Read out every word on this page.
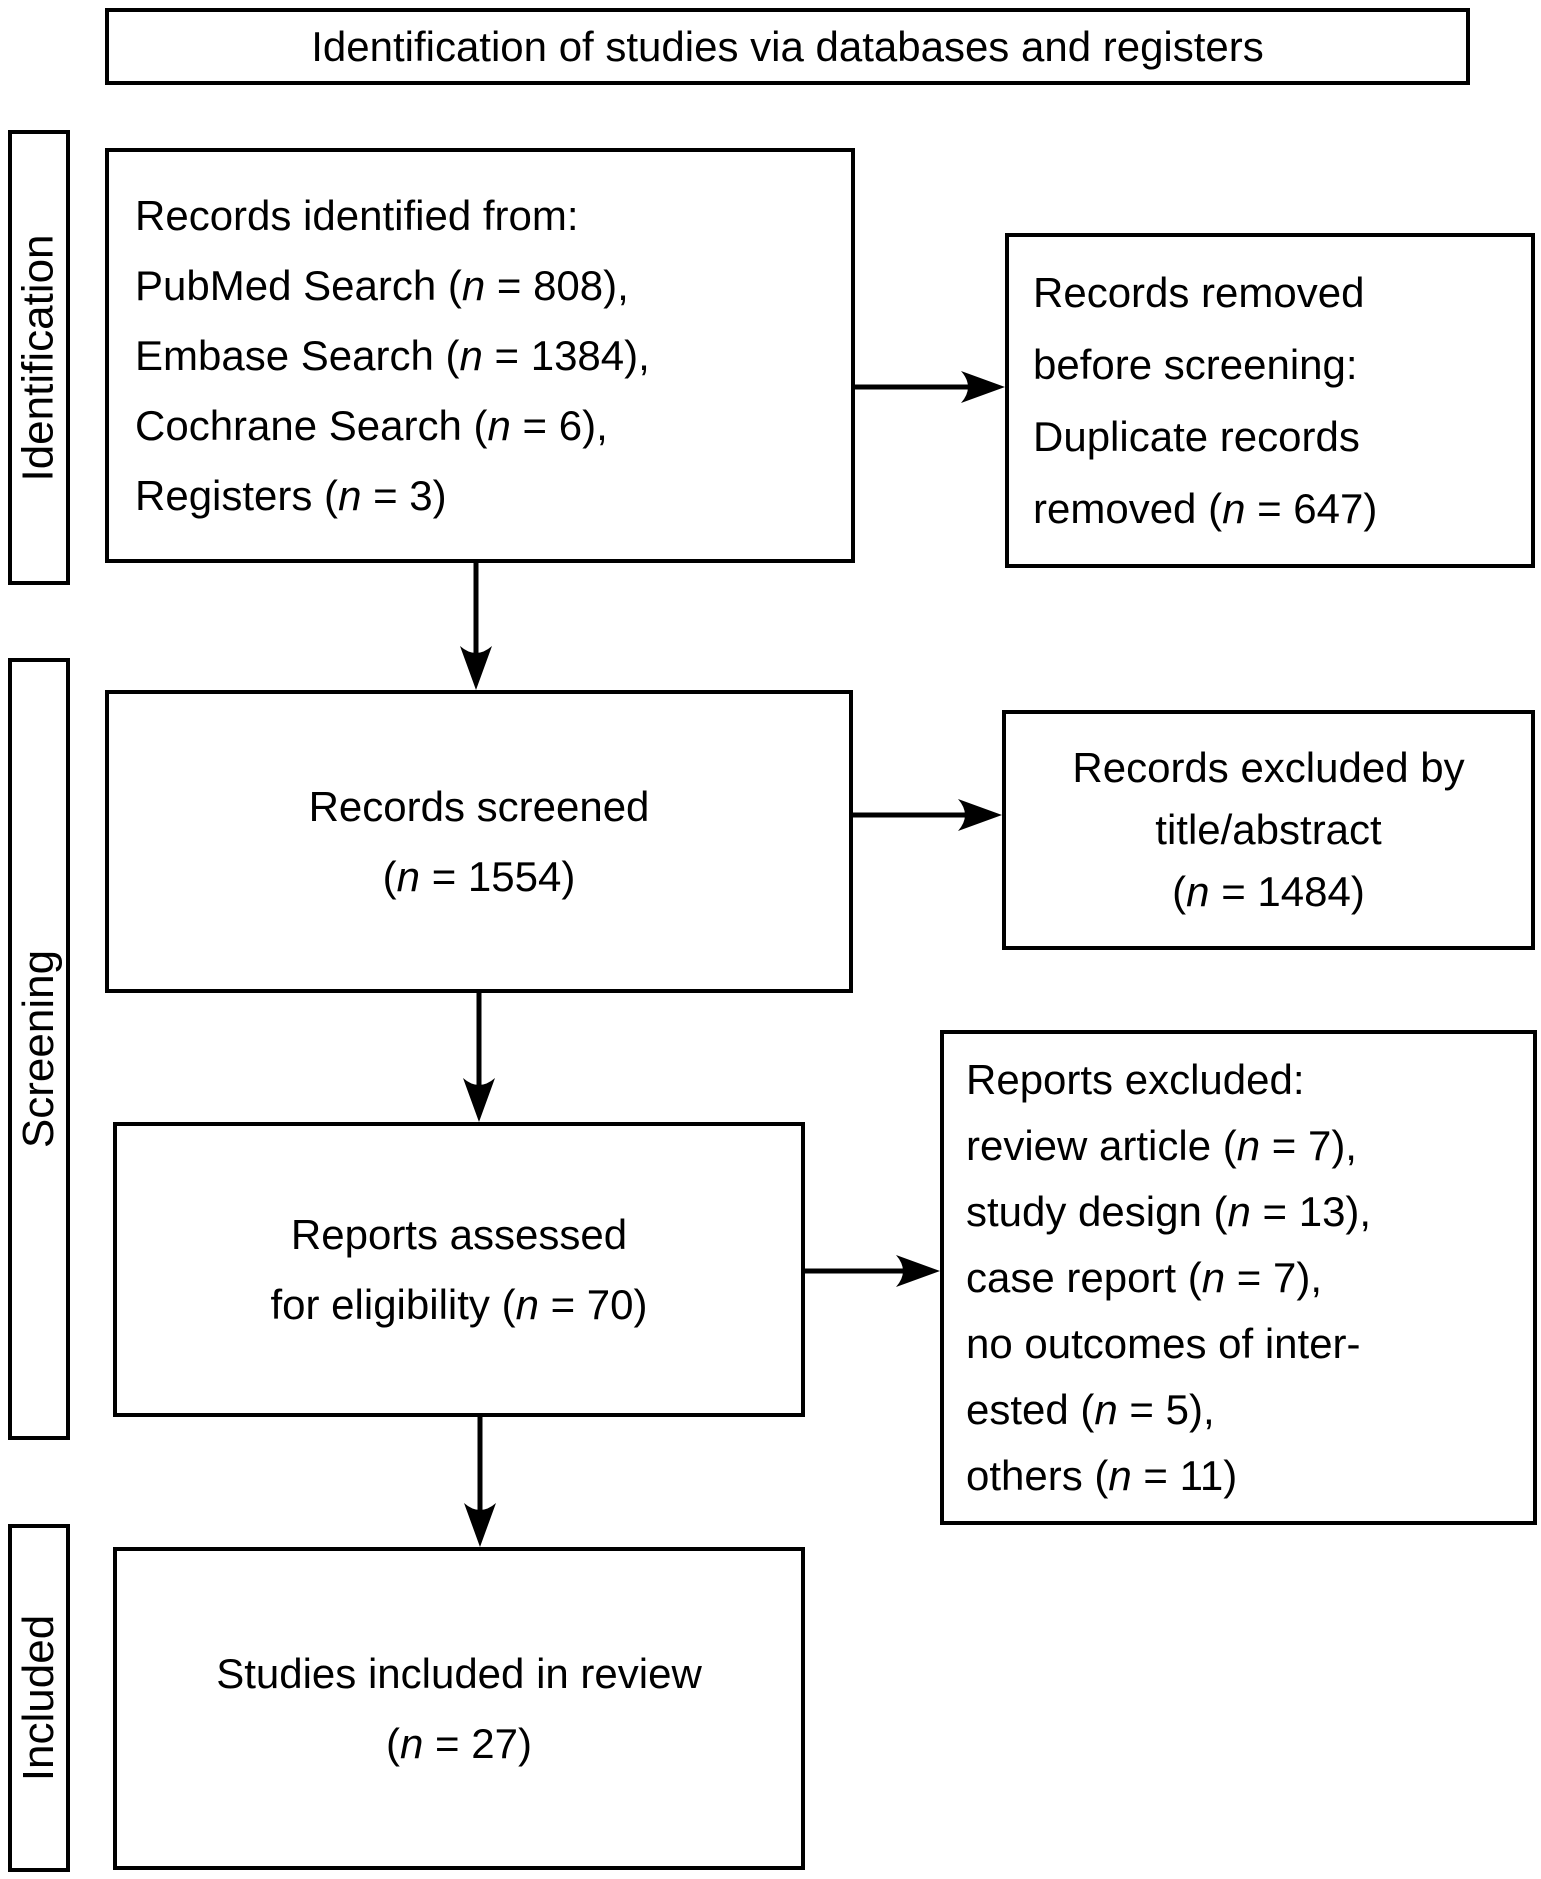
Identification of studies via databases and registers
Identification
Screening
Included
Records identified from:
PubMed Search (n = 808),
Embase Search (n = 1384),
Cochrane Search (n = 6),
Registers (n = 3)
Records removed
before screening:
Duplicate records
removed (n = 647)
Records screened
(n = 1554)
Records excluded by
title/abstract
(n = 1484)
Reports assessed
for eligibility (n = 70)
Reports excluded:
review article (n = 7),
study design (n = 13),
case report (n = 7),
no outcomes of inter-
ested (n = 5),
others (n = 11)
Studies included in review
(n = 27)
